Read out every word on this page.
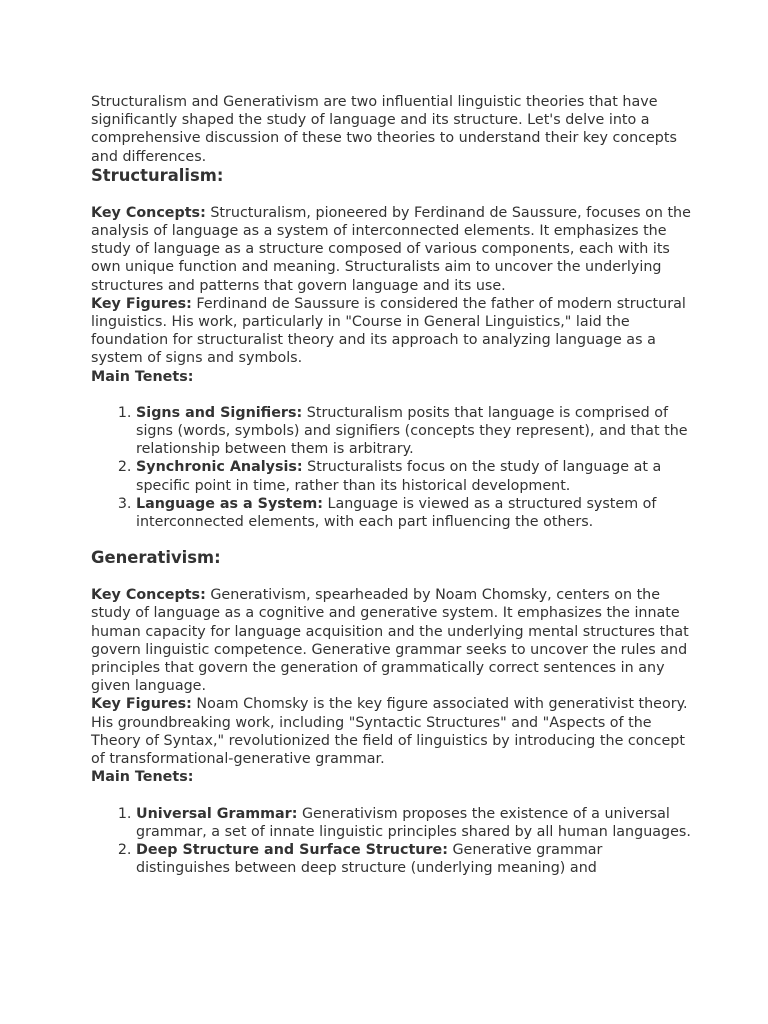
Structuralism and Generativism are two influential linguistic theories that have significantly shaped the study of language and its structure. Let's delve into a comprehensive discussion of these two theories to understand their key concepts and differences.

Structuralism:

Key Concepts: Structuralism, pioneered by Ferdinand de Saussure, focuses on the analysis of language as a system of interconnected elements. It emphasizes the study of language as a structure composed of various components, each with its own unique function and meaning. Structuralists aim to uncover the underlying structures and patterns that govern language and its use.

Key Figures: Ferdinand de Saussure is considered the father of modern structural linguistics. His work, particularly in "Course in General Linguistics," laid the foundation for structuralist theory and its approach to analyzing language as a system of signs and symbols.

Main Tenets:

1. Signs and Signifiers: Structuralism posits that language is comprised of signs (words, symbols) and signifiers (concepts they represent), and that the relationship between them is arbitrary.
2. Synchronic Analysis: Structuralists focus on the study of language at a specific point in time, rather than its historical development.
3. Language as a System: Language is viewed as a structured system of interconnected elements, with each part influencing the others.
Generativism:

Key Concepts: Generativism, spearheaded by Noam Chomsky, centers on the study of language as a cognitive and generative system. It emphasizes the innate human capacity for language acquisition and the underlying mental structures that govern linguistic competence. Generative grammar seeks to uncover the rules and principles that govern the generation of grammatically correct sentences in any given language.

Key Figures: Noam Chomsky is the key figure associated with generativist theory. His groundbreaking work, including "Syntactic Structures" and "Aspects of the Theory of Syntax," revolutionized the field of linguistics by introducing the concept of transformational-generative grammar.

Main Tenets:

1. Universal Grammar: Generativism proposes the existence of a universal grammar, a set of innate linguistic principles shared by all human languages.
2. Deep Structure and Surface Structure: Generative grammar distinguishes between deep structure (underlying meaning) and
